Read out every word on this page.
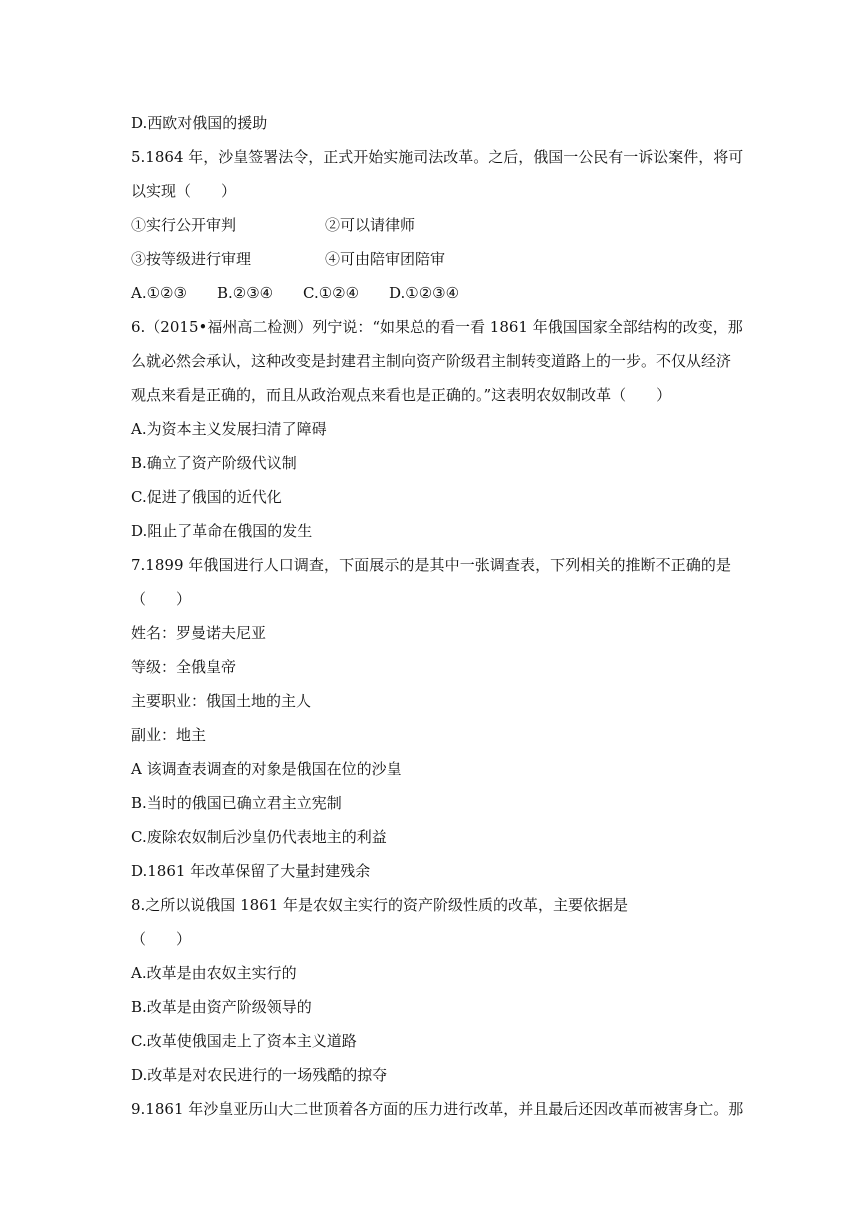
D.西欧对俄国的援助
5.1864 年，沙皇签署法令，正式开始实施司法改革。之后，俄国一公民有一诉讼案件，将可
以实现（　　）
①实行公开审判	②可以请律师
③按等级进行审理	④可由陪审团陪审
A.①②③ B.②③④ C.①②④ D.①②③④
6.（2015•福州高二检测）列宁说：“如果总的看一看 1861 年俄国国家全部结构的改变，那
么就必然会承认，这种改变是封建君主制向资产阶级君主制转变道路上的一步。不仅从经济
观点来看是正确的，而且从政治观点来看也是正确的。”这表明农奴制改革（　　）
A.为资本主义发展扫清了障碍
B.确立了资产阶级代议制
C.促进了俄国的近代化
D.阻止了革命在俄国的发生
7.1899 年俄国进行人口调查，下面展示的是其中一张调查表，下列相关的推断不正确的是
（　　）
姓名：罗曼诺夫尼亚
等级：全俄皇帝
主要职业：俄国土地的主人
副业：地主
A 该调查表调查的对象是俄国在位的沙皇
B.当时的俄国已确立君主立宪制
C.废除农奴制后沙皇仍代表地主的利益
D.1861 年改革保留了大量封建残余
8.之所以说俄国 1861 年是农奴主实行的资产阶级性质的改革，主要依据是
（　　）
A.改革是由农奴主实行的
B.改革是由资产阶级领导的
C.改革使俄国走上了资本主义道路
D.改革是对农民进行的一场残酷的掠夺
9.1861 年沙皇亚历山大二世顶着各方面的压力进行改革，并且最后还因改革而被害身亡。那
